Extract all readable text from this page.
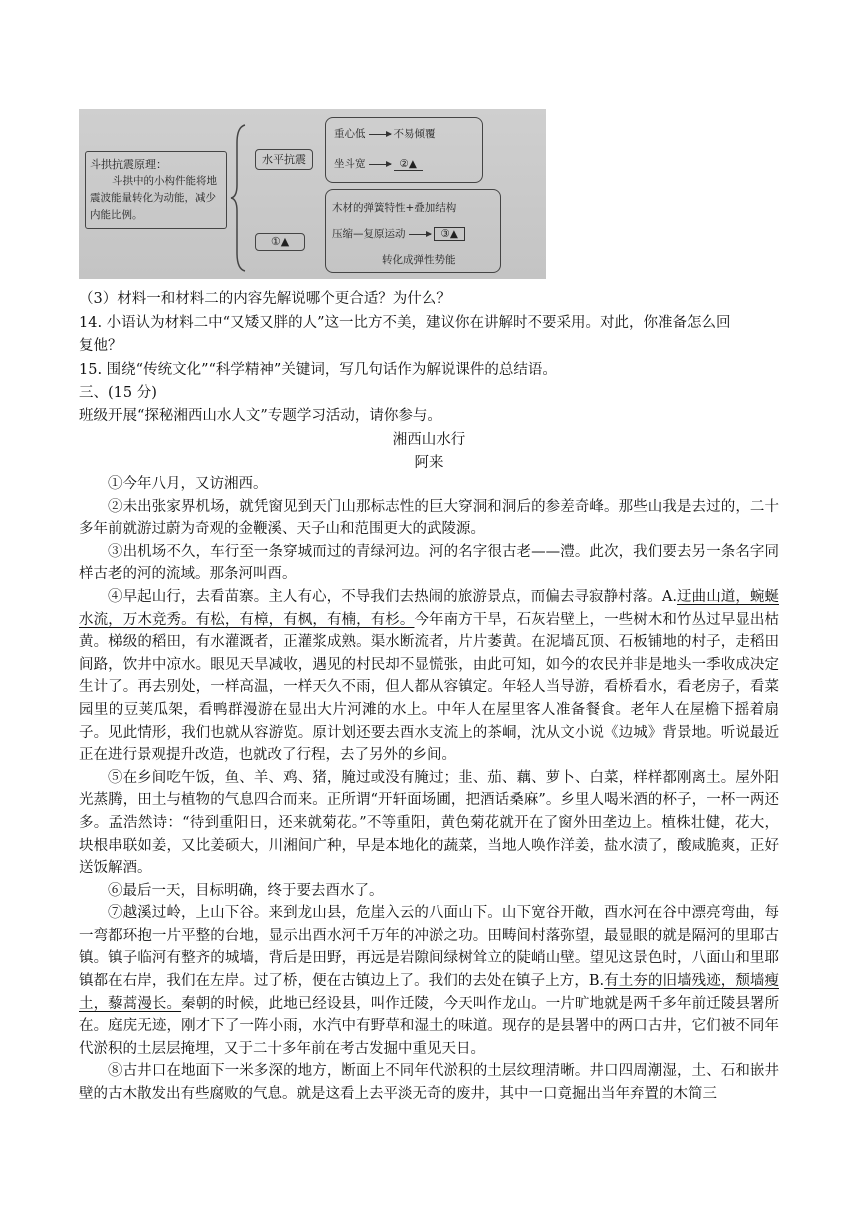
斗拱抗震原理：
斗拱中的小构件能将地震波能量转化为动能，减少内能比例。
水平抗震
①▲
重心低	不易倾覆
坐斗宽	②▲
木材的弹簧特性+叠加结构
压缩—复原运动	③▲
转化成弹性势能
（3）材料一和材料二的内容先解说哪个更合适？为什么？
14. 小语认为材料二中“又矮又胖的人”这一比方不美，建议你在讲解时不要采用。对此，你准备怎么回
复他？
15. 围绕“传统文化”“科学精神”关键词，写几句话作为解说课件的总结语。
三、(15 分)
班级开展“探秘湘西山水人文”专题学习活动，请你参与。
湘西山水行
阿来

①今年八月，又访湘西。

②未出张家界机场，就凭窗见到天门山那标志性的巨大穿洞和洞后的参差奇峰。那些山我是去过的，二十多年前就游过蔚为奇观的金鞭溪、天子山和范围更大的武陵源。

③出机场不久，车行至一条穿城而过的青绿河边。河的名字很古老——澧。此次，我们要去另一条名字同样古老的河的流域。那条河叫酉。

④早起山行，去看苗寨。主人有心，不导我们去热闹的旅游景点，而偏去寻寂静村落。A.迂曲山道，蜿蜒水流，万木竞秀。有松，有樟，有枫，有楠，有杉。今年南方干旱，石灰岩壁上，一些树木和竹丛过早显出枯黄。梯级的稻田，有水灌溉者，正灌浆成熟。渠水断流者，片片萎黄。在泥墙瓦顶、石板铺地的村子，走稻田间路，饮井中凉水。眼见天旱减收，遇见的村民却不显慌张，由此可知，如今的农民并非是地头一季收成决定生计了。再去别处，一样高温，一样天久不雨，但人都从容镇定。年轻人当导游，看桥看水，看老房子，看菜园里的豆荚瓜架，看鸭群漫游在显出大片河滩的水上。中年人在屋里客人准备餐食。老年人在屋檐下摇着扇子。见此情形，我们也就从容游览。原计划还要去酉水支流上的茶峒，沈从文小说《边城》背景地。听说最近正在进行景观提升改造，也就改了行程，去了另外的乡间。

⑤在乡间吃午饭，鱼、羊、鸡、猪，腌过或没有腌过；韭、茄、藕、萝卜、白菜，样样都刚离土。屋外阳光蒸腾，田土与植物的气息四合而来。正所谓“开轩面场圃，把酒话桑麻”。乡里人喝米酒的杯子，一杯一两还多。孟浩然诗：“待到重阳日，还来就菊花。”不等重阳，黄色菊花就开在了窗外田垄边上。植株壮健，花大，块根串联如姜，又比姜硕大，川湘间广种，早是本地化的蔬菜，当地人唤作洋姜，盐水渍了，酸咸脆爽，正好送饭解酒。

⑥最后一天，目标明确，终于要去酉水了。

⑦越溪过岭，上山下谷。来到龙山县，危崖入云的八面山下。山下宽谷开敞，酉水河在谷中漂亮弯曲，每一弯都环抱一片平整的台地，显示出酉水河千万年的冲淤之功。田畴间村落弥望，最显眼的就是隔河的里耶古镇。镇子临河有整齐的城墙，背后是田野，再远是岩隙间绿树耸立的陡峭山壁。望见这景色时，八面山和里耶镇都在右岸，我们在左岸。过了桥，便在古镇边上了。我们的去处在镇子上方，B.有土夯的旧墙残迹，颓墙瘦土，藜蒿漫长。秦朝的时候，此地已经设县，叫作迁陵，今天叫作龙山。一片旷地就是两千多年前迁陵县署所在。庭庑无迹，刚才下了一阵小雨，水汽中有野草和湿土的味道。现存的是县署中的两口古井，它们被不同年代淤积的土层层掩埋，又于二十多年前在考古发掘中重见天日。

⑧古井口在地面下一米多深的地方，断面上不同年代淤积的土层纹理清晰。井口四周潮湿，土、石和嵌井壁的古木散发出有些腐败的气息。就是这看上去平淡无奇的废井，其中一口竟掘出当年弃置的木简三
